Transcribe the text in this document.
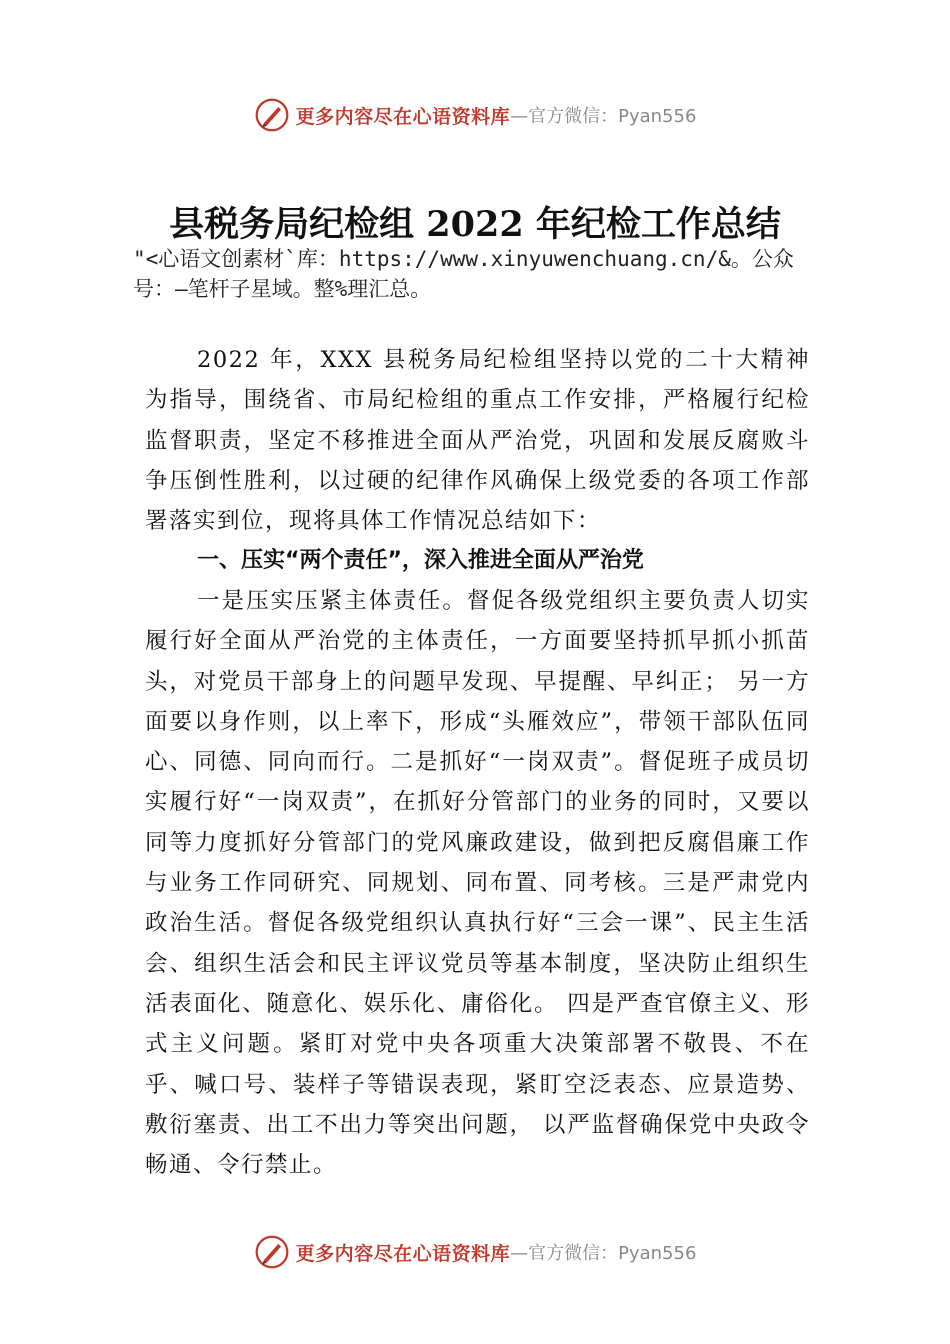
更多内容尽在心语资料库 —官方微信：Pyan556
县税务局纪检组 2022 年纪检工作总结
"<心语文创素材`库：https://www.xinyuwenchuang.cn/&。公众号：—笔杆子星域。整%理汇总。

2022 年，XXX 县税务局纪检组坚持以党的二十大精神为指导，围绕省、市局纪检组的重点工作安排，严格履行纪检监督职责，坚定不移推进全面从严治党，巩固和发展反腐败斗争压倒性胜利，以过硬的纪律作风确保上级党委的各项工作部署落实到位，现将具体工作情况总结如下：

一、压实“两个责任”，深入推进全面从严治党

一是压实压紧主体责任。督促各级党组织主要负责人切实履行好全面从严治党的主体责任，一方面要坚持抓早抓小抓苗头，对党员干部身上的问题早发现、早提醒、早纠正； 另一方面要以身作则，以上率下，形成“头雁效应”，带领干部队伍同心、同德、同向而行。二是抓好“一岗双责”。督促班子成员切实履行好“一岗双责”，在抓好分管部门的业务的同时，又要以同等力度抓好分管部门的党风廉政建设，做到把反腐倡廉工作与业务工作同研究、同规划、同布置、同考核。三是严肃党内政治生活。督促各级党组织认真执行好“三会一课”、民主生活会、组织生活会和民主评议党员等基本制度，坚决防止组织生活表面化、随意化、娱乐化、庸俗化。 四是严查官僚主义、形式主义问题。紧盯对党中央各项重大决策部署不敬畏、不在乎、喊口号、装样子等错误表现，紧盯空泛表态、应景造势、敷衍塞责、出工不出力等突出问题， 以严监督确保党中央政令畅通、令行禁止。

更多内容尽在心语资料库 —官方微信：Pyan556
